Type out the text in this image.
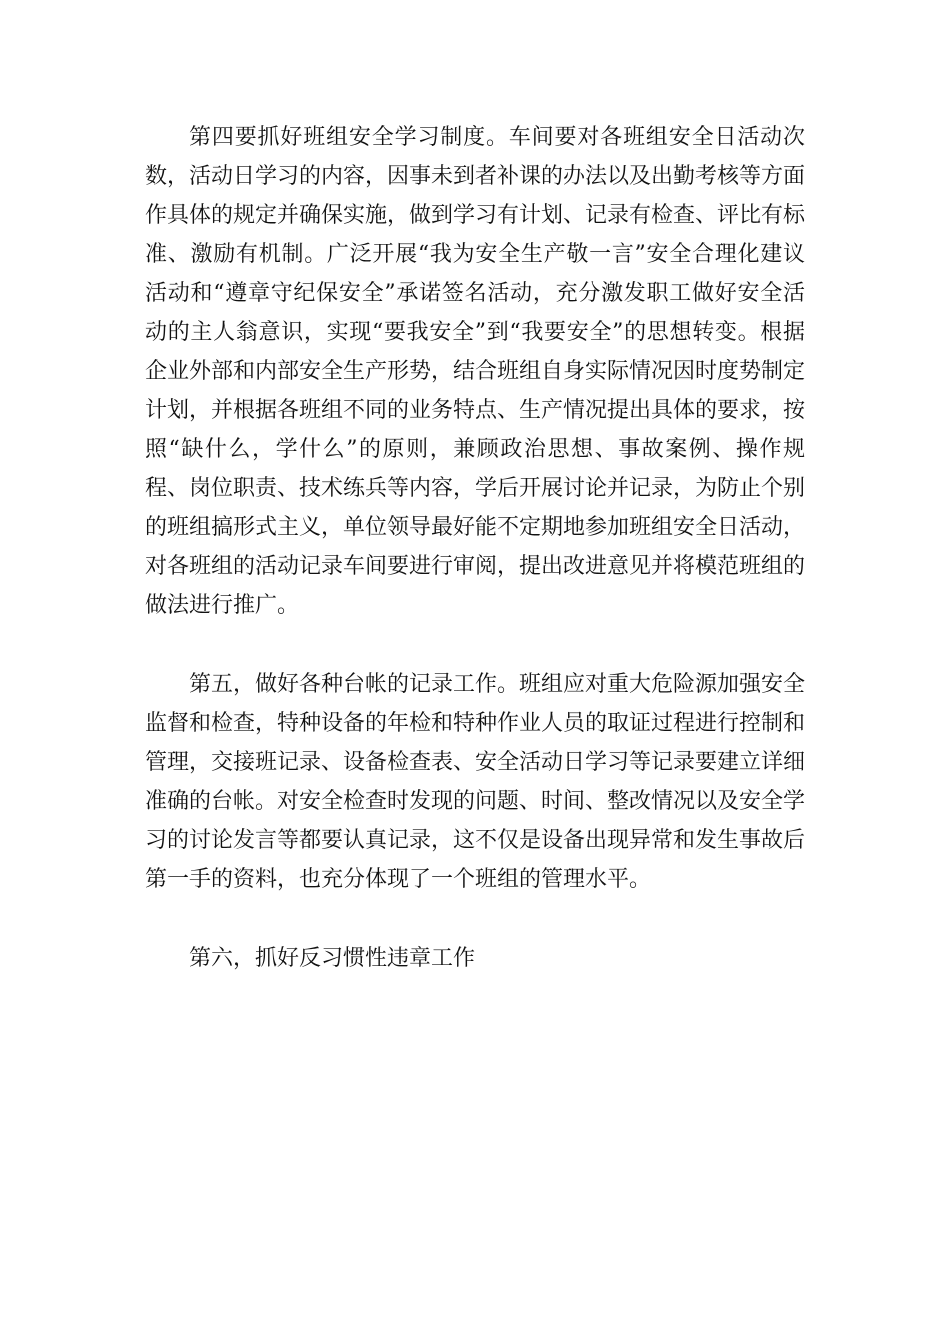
第四要抓好班组安全学习制度。车间要对各班组安全日活动次数，活动日学习的内容，因事未到者补课的办法以及出勤考核等方面作具体的规定并确保实施，做到学习有计划、记录有检查、评比有标准、激励有机制。广泛开展“我为安全生产敬一言”安全合理化建议活动和“遵章守纪保安全”承诺签名活动，充分激发职工做好安全活动的主人翁意识，实现“要我安全”到“我要安全”的思想转变。根据企业外部和内部安全生产形势，结合班组自身实际情况因时度势制定计划，并根据各班组不同的业务特点、生产情况提出具体的要求，按照“缺什么，学什么”的原则，兼顾政治思想、事故案例、操作规程、岗位职责、技术练兵等内容，学后开展讨论并记录，为防止个别的班组搞形式主义，单位领导最好能不定期地参加班组安全日活动，对各班组的活动记录车间要进行审阅，提出改进意见并将模范班组的做法进行推广。

第五，做好各种台帐的记录工作。班组应对重大危险源加强安全监督和检查，特种设备的年检和特种作业人员的取证过程进行控制和管理，交接班记录、设备检查表、安全活动日学习等记录要建立详细准确的台帐。对安全检查时发现的问题、时间、整改情况以及安全学习的讨论发言等都要认真记录，这不仅是设备出现异常和发生事故后第一手的资料，也充分体现了一个班组的管理水平。

第六，抓好反习惯性违章工作
